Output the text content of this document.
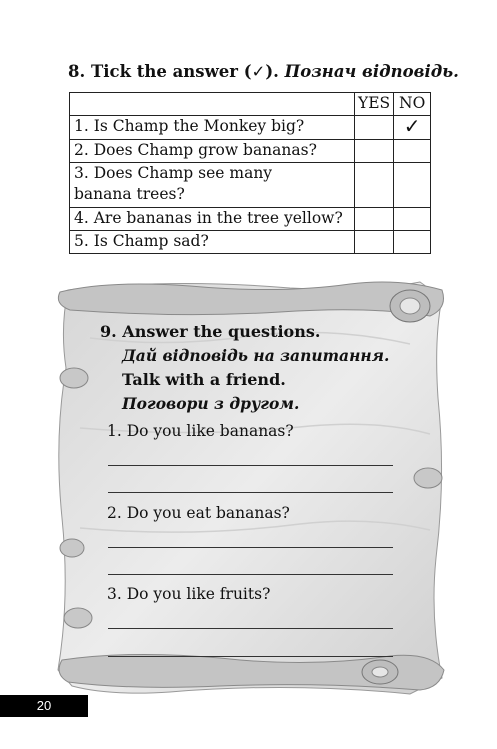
8. Tick the answer (✓). Познач відповідь.
	YES	NO
1. Is Champ the Monkey big?		✓
2. Does Champ grow bananas?		
3. Does Champ see many banana trees?		
4. Are bananas in the tree yellow?		
5. Is Champ sad?		
9. Answer the questions.
Дай відповідь на запитання.
Talk with a friend.
Поговори з другом.
1. Do you like bananas?
2. Do you eat bananas?
3. Do you like fruits?
20
